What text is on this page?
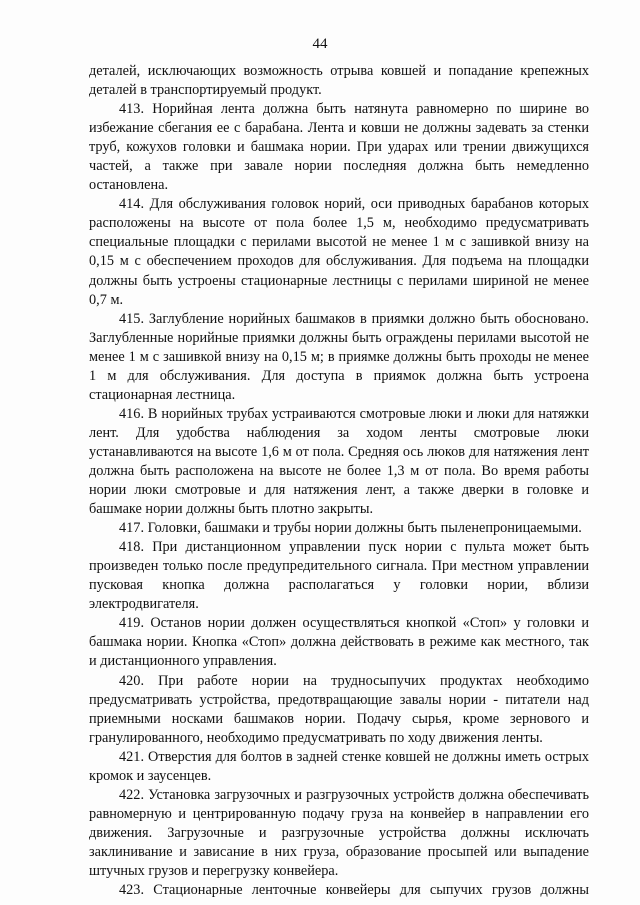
44

деталей, исключающих возможность отрыва ковшей и попадание крепежных деталей в транспортируемый продукт.

413. Норийная лента должна быть натянута равномерно по ширине во избежание сбегания ее с барабана. Лента и ковши не должны задевать за стенки труб, кожухов головки и башмака нории. При ударах или трении движущихся частей, а также при завале нории последняя должна быть немедленно остановлена.

414. Для обслуживания головок норий, оси приводных барабанов которых расположены на высоте от пола более 1,5 м, необходимо предусматривать специальные площадки с перилами высотой не менее 1 м с зашивкой внизу на 0,15 м с обеспечением проходов для обслуживания. Для подъема на площадки должны быть устроены стационарные лестницы с перилами шириной не менее 0,7 м.

415. Заглубление норийных башмаков в приямки должно быть обосновано. Заглубленные норийные приямки должны быть ограждены перилами высотой не менее 1 м с зашивкой внизу на 0,15 м; в приямке должны быть проходы не менее 1 м для обслуживания. Для доступа в приямок должна быть устроена стационарная лестница.

416. В норийных трубах устраиваются смотровые люки и люки для натяжки лент. Для удобства наблюдения за ходом ленты смотровые люки устанавливаются на высоте 1,6 м от пола. Средняя ось люков для натяжения лент должна быть расположена на высоте не более 1,3 м от пола. Во время работы нории люки смотровые и для натяжения лент, а также дверки в головке и башмаке нории должны быть плотно закрыты.

417. Головки, башмаки и трубы нории должны быть пыленепроницаемыми.

418. При дистанционном управлении пуск нории с пульта может быть произведен только после предупредительного сигнала. При местном управлении пусковая кнопка должна располагаться у головки нории, вблизи электродвигателя.

419. Останов нории должен осуществляться кнопкой «Стоп» у головки и башмака нории. Кнопка «Стоп» должна действовать в режиме как местного, так и дистанционного управления.

420. При работе нории на трудносыпучих продуктах необходимо предусматривать устройства, предотвращающие завалы нории - питатели над приемными носками башмаков нории. Подачу сырья, кроме зернового и гранулированного, необходимо предусматривать по ходу движения ленты.

421. Отверстия для болтов в задней стенке ковшей не должны иметь острых кромок и заусенцев.

422. Установка загрузочных и разгрузочных устройств должна обеспечивать равномерную и центрированную подачу груза на конвейер в направлении его движения. Загрузочные и разгрузочные устройства должны исключать заклинивание и зависание в них груза, образование просыпей или выпадение штучных грузов и перегрузку конвейера.

423. Стационарные ленточные конвейеры для сыпучих грузов должны
